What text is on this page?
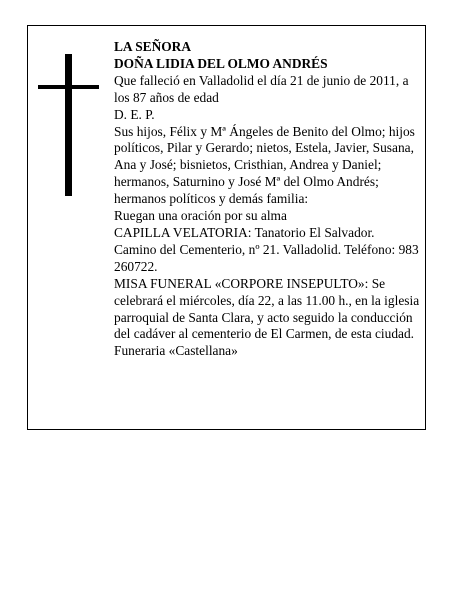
LA SEÑORA

DOÑA LIDIA DEL OLMO ANDRÉS

Que falleció en Valladolid el día 21 de junio de 2011, a los 87 años de edad

D. E. P.

Sus hijos, Félix y Mª Ángeles de Benito del Olmo; hijos políticos, Pilar y Gerardo; nietos, Estela, Javier, Susana, Ana y José; bisnietos, Cristhian, Andrea y Daniel; hermanos, Saturnino y José Mª del Olmo Andrés; hermanos políticos y demás familia:

Ruegan una oración por su alma

CAPILLA VELATORIA: Tanatorio El Salvador. Camino del Cementerio, nº 21. Valladolid. Teléfono: 983 260722.

MISA FUNERAL «CORPORE INSEPULTO»: Se celebrará el miércoles, día 22, a las 11.00 h., en la iglesia parroquial de Santa Clara, y acto seguido la conducción del cadáver al cementerio de El Carmen, de esta ciudad.

Funeraria «Castellana»
